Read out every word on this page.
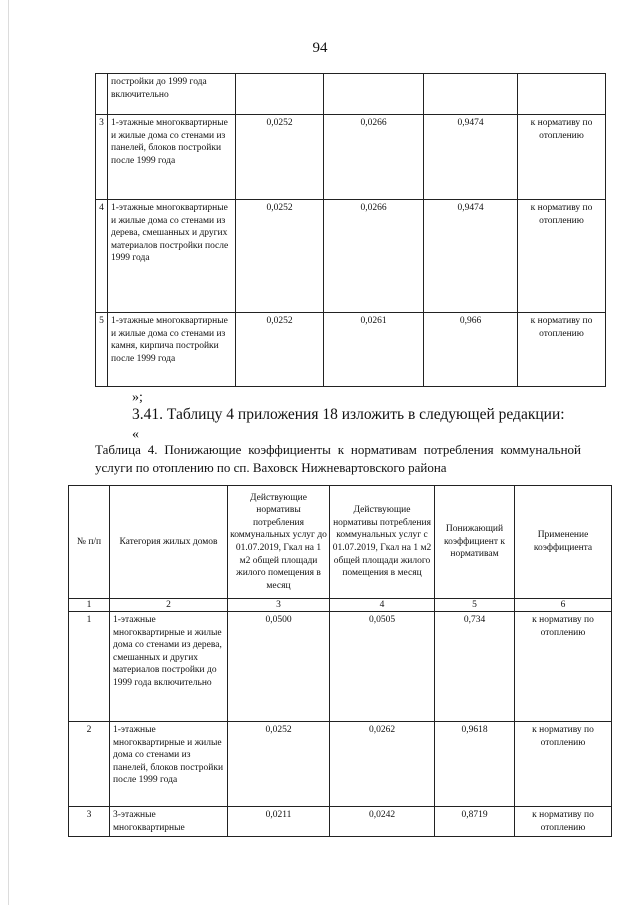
94
	постройки до 1999 года включительно				
3	1-этажные многоквартирные и жилые дома со стенами из панелей, блоков постройки после 1999 года	0,0252	0,0266	0,9474	к нормативу по отоплению
4	1-этажные многоквартирные и жилые дома со стенами из дерева, смешанных и других материалов постройки после 1999 года	0,0252	0,0266	0,9474	к нормативу по отоплению
5	1-этажные многоквартирные и жилые дома со стенами из камня, кирпича постройки после 1999 года	0,0252	0,0261	0,966	к нормативу по отоплению
»;
3.41. Таблицу 4 приложения 18 изложить в следующей редакции:
«
Таблица 4. Понижающие коэффициенты к нормативам потребления коммунальной услуги по отоплению по сп. Ваховск Нижневартовского района
№ п/п	Категория жилых домов	Действующие нормативы потребления коммунальных услуг до 01.07.2019, Гкал на 1 м2 общей площади жилого помещения в месяц	Действующие нормативы потребления коммунальных услуг с 01.07.2019, Гкал на 1 м2 общей площади жилого помещения в месяц	Понижающий коэффициент к нормативам	Применение коэффициента
1	2	3	4	5	6
1	1-этажные многоквартирные и жилые дома со стенами из дерева, смешанных и других материалов постройки до 1999 года включительно	0,0500	0,0505	0,734	к нормативу по отоплению
2	1-этажные многоквартирные и жилые дома со стенами из панелей, блоков постройки после 1999 года	0,0252	0,0262	0,9618	к нормативу по отоплению
3	3-этажные многоквартирные	0,0211	0,0242	0,8719	к нормативу по отоплению
